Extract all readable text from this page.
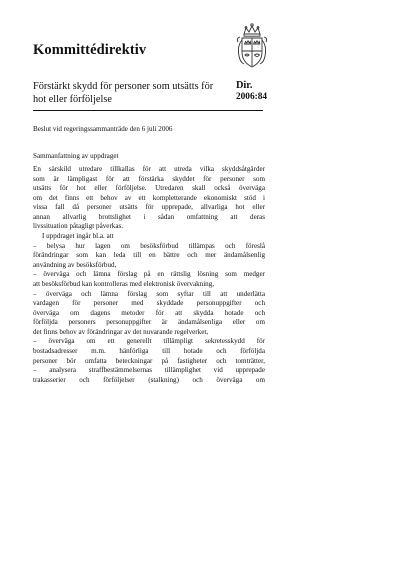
Kommittédirektiv
Förstärkt skydd för personer som utsätts för
hot eller förföljelse
Dir.
2006:84
Beslut vid regeringssammanträde den 6 juli 2006
Sammanfattning av uppdraget

En särskild utredare tillkallas för att utreda vilka skyddsåtgärder

som är lämpligast för att förstärka skyddet för personer som

utsätts för hot eller förföljelse. Utredaren skall också överväga

om det finns ett behov av ett kompletterande ekonomiskt stöd i

vissa fall då personer utsätts för upprepade, allvarliga hot eller

annan allvarlig brottslighet i sådan omfattning att deras

livssituation påtagligt påverkas.

I uppdraget ingår bl.a. att

– belysa hur lagen om besöksförbud tillämpas och föreslå

förändringar som kan leda till en bättre och mer ändamålsenlig

användning av besöksförbud,

– överväga och lämna förslag på en rättslig lösning som medger

att besöksförbud kan kontrolleras med elektronisk övervakning,

– överväga och lämna förslag som syftar till att underlätta

vardagen för personer med skyddade personuppgifter och

överväga om dagens metoder för att skydda hotade och

förföljda personers personuppgifter är ändamålsenliga eller om

det finns behov av förändringar av det nuvarande regelverket,

– överväga om ett generellt tillämpligt sekretesskydd för

bostadsadresser m.m. hänförliga till hotade och förföljda

personer bör omfatta beteckningar på fastigheter och tomträtter,

– analysera straffbestämmelsernas tillämplighet vid upprepade

trakasserier och förföljelser (stalkning) och överväga om
